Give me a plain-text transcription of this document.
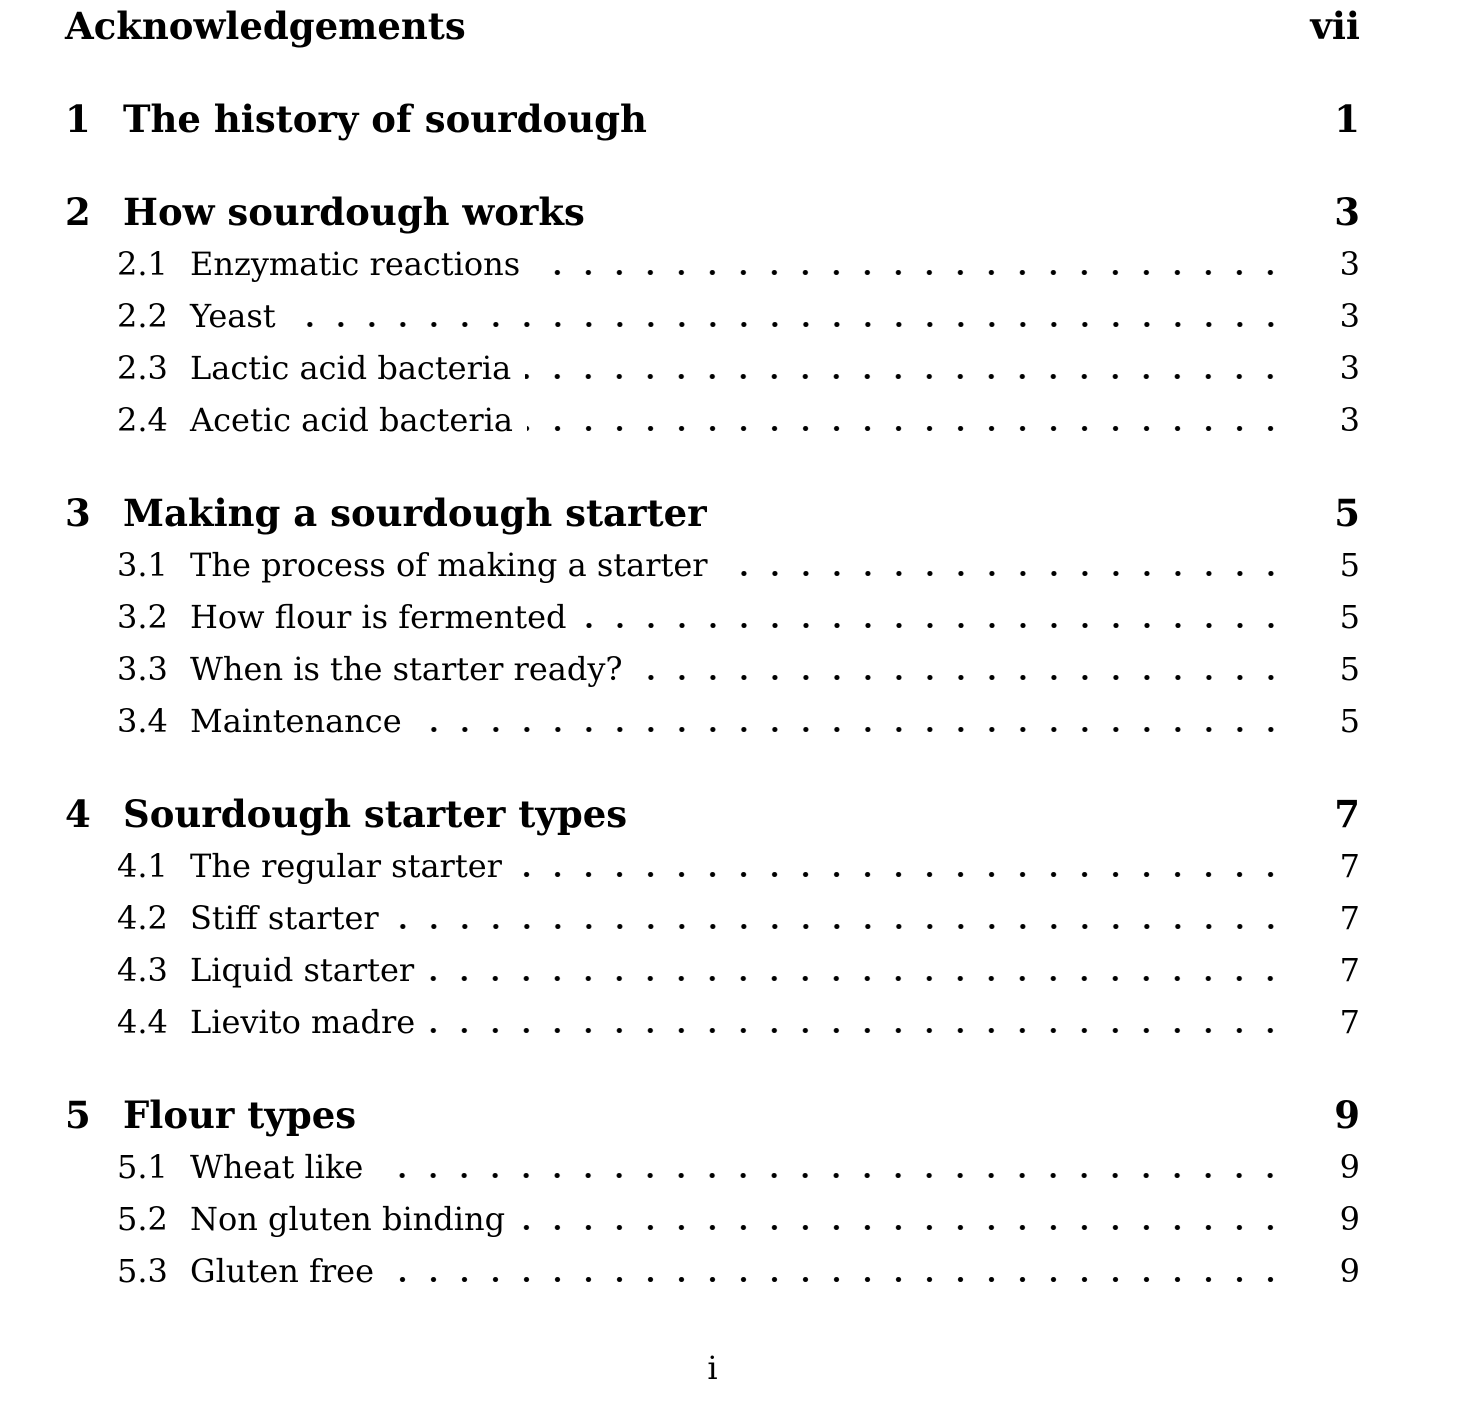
Acknowledgements	vii
1 The history of sourdough	1
2 How sourdough works	3
2.1 Enzymatic reactions	3
2.2 Yeast	3
2.3 Lactic acid bacteria	3
2.4 Acetic acid bacteria	3
3 Making a sourdough starter	5
3.1 The process of making a starter	5
3.2 How flour is fermented	5
3.3 When is the starter ready?	5
3.4 Maintenance	5
4 Sourdough starter types	7
4.1 The regular starter	7
4.2 Stiff starter	7
4.3 Liquid starter	7
4.4 Lievito madre	7
5 Flour types	9
5.1 Wheat like	9
5.2 Non gluten binding	9
5.3 Gluten free	9
i
